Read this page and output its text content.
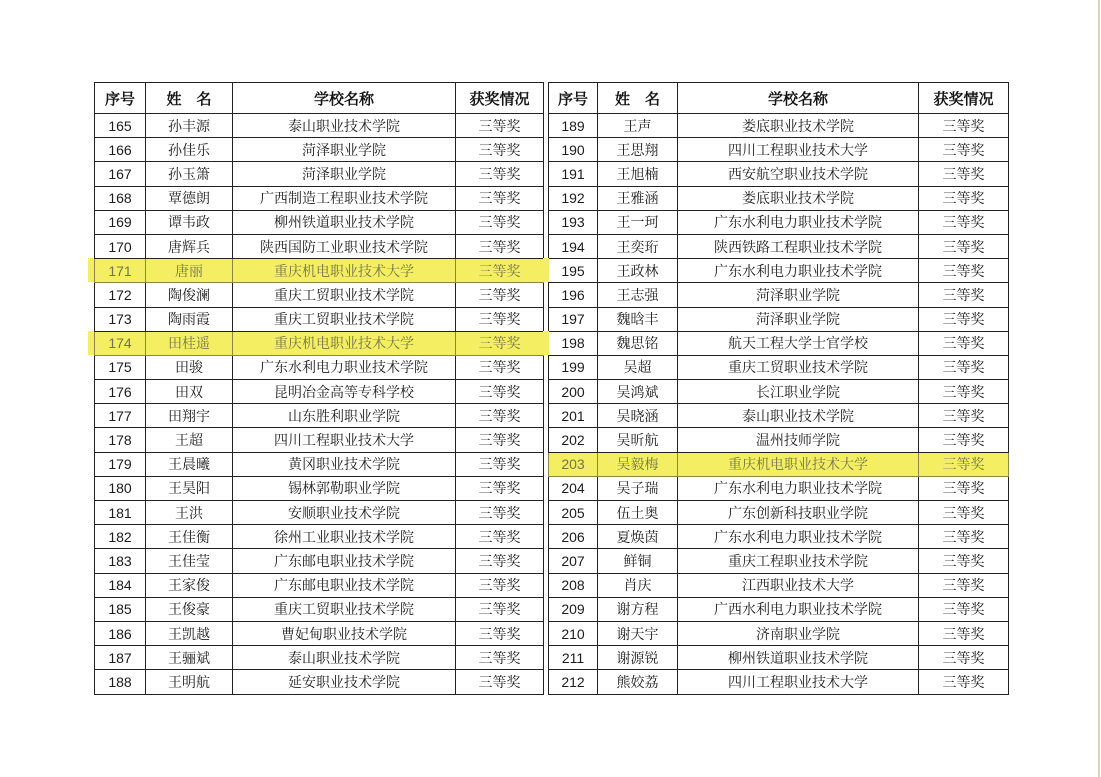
序号	姓　名	学校名称	获奖情况
165	孙丰源	泰山职业技术学院	三等奖
166	孙佳乐	菏泽职业学院	三等奖
167	孙玉箫	菏泽职业学院	三等奖
168	覃德朗	广西制造工程职业技术学院	三等奖
169	谭韦政	柳州铁道职业技术学院	三等奖
170	唐辉兵	陕西国防工业职业技术学院	三等奖
171	唐丽	重庆机电职业技术大学	三等奖
172	陶俊澜	重庆工贸职业技术学院	三等奖
173	陶雨霞	重庆工贸职业技术学院	三等奖
174	田桂遥	重庆机电职业技术大学	三等奖
175	田骏	广东水利电力职业技术学院	三等奖
176	田双	昆明冶金高等专科学校	三等奖
177	田翔宇	山东胜利职业学院	三等奖
178	王超	四川工程职业技术大学	三等奖
179	王晨曦	黄冈职业技术学院	三等奖
180	王昊阳	锡林郭勒职业学院	三等奖
181	王洪	安顺职业技术学院	三等奖
182	王佳衡	徐州工业职业技术学院	三等奖
183	王佳莹	广东邮电职业技术学院	三等奖
184	王家俊	广东邮电职业技术学院	三等奖
185	王俊豪	重庆工贸职业技术学院	三等奖
186	王凯越	曹妃甸职业技术学院	三等奖
187	王骊斌	泰山职业技术学院	三等奖
188	王明航	延安职业技术学院	三等奖
序号	姓　名	学校名称	获奖情况
189	王声	娄底职业技术学院	三等奖
190	王思翔	四川工程职业技术大学	三等奖
191	王旭楠	西安航空职业技术学院	三等奖
192	王雅涵	娄底职业技术学院	三等奖
193	王一珂	广东水利电力职业技术学院	三等奖
194	王奕珩	陕西铁路工程职业技术学院	三等奖
195	王政林	广东水利电力职业技术学院	三等奖
196	王志强	菏泽职业学院	三等奖
197	魏晗丰	菏泽职业学院	三等奖
198	魏思铭	航天工程大学士官学校	三等奖
199	吴超	重庆工贸职业技术学院	三等奖
200	吴鸿斌	长江职业学院	三等奖
201	吴晓涵	泰山职业技术学院	三等奖
202	吴昕航	温州技师学院	三等奖
203	吴毅梅	重庆机电职业技术大学	三等奖
204	吴子瑞	广东水利电力职业技术学院	三等奖
205	伍土奥	广东创新科技职业学院	三等奖
206	夏焕茵	广东水利电力职业技术学院	三等奖
207	鲜铜	重庆工程职业技术学院	三等奖
208	肖庆	江西职业技术大学	三等奖
209	谢方程	广西水利电力职业技术学院	三等奖
210	谢天宇	济南职业学院	三等奖
211	谢源锐	柳州铁道职业技术学院	三等奖
212	熊姣荔	四川工程职业技术大学	三等奖
